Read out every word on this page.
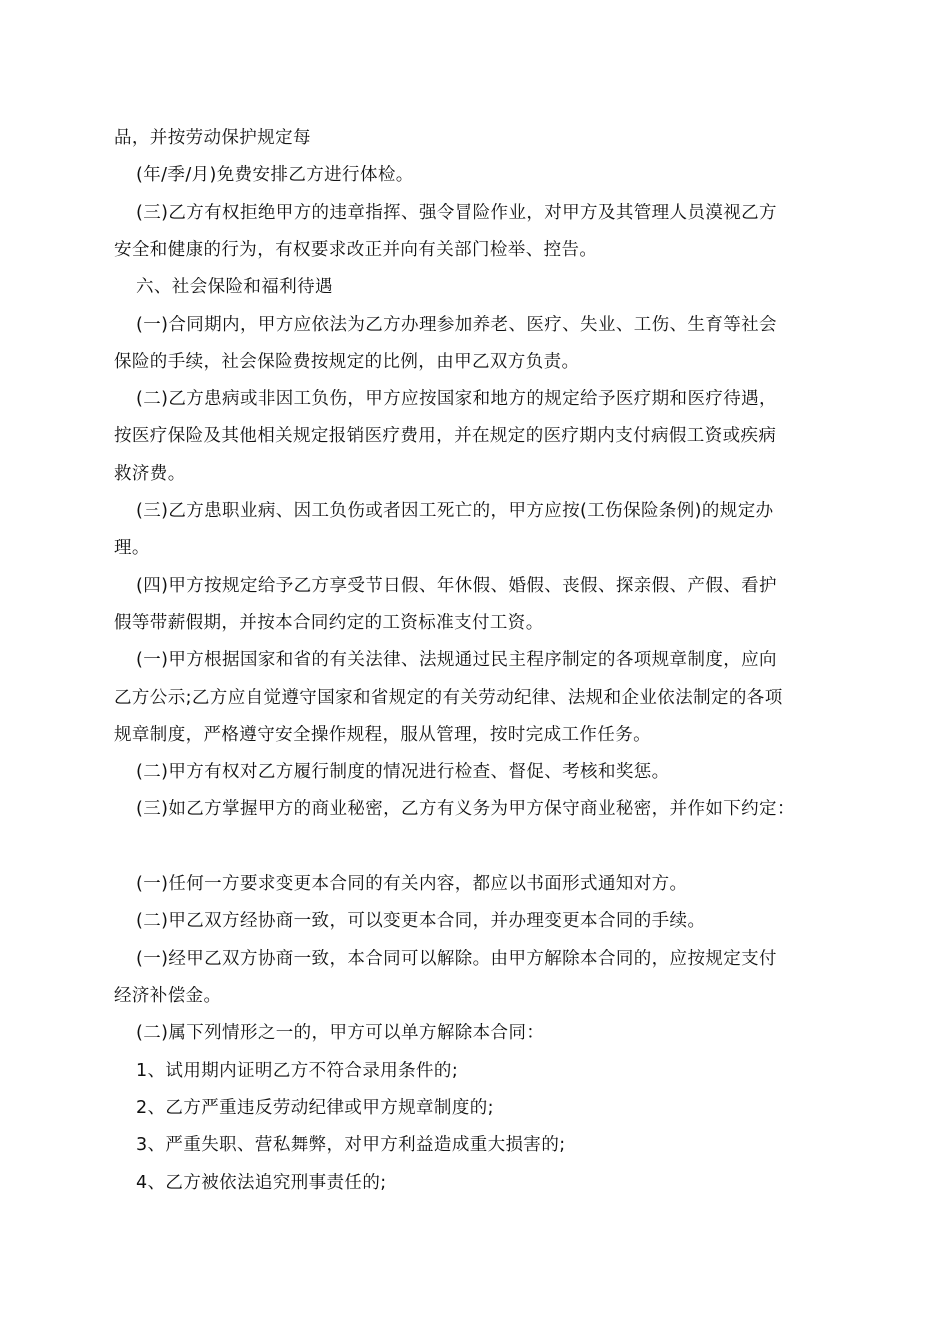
品，并按劳动保护规定每
(年/季/月)免费安排乙方进行体检。
(三)乙方有权拒绝甲方的违章指挥、强令冒险作业，对甲方及其管理人员漠视乙方
安全和健康的行为，有权要求改正并向有关部门检举、控告。
六、社会保险和福利待遇
(一)合同期内，甲方应依法为乙方办理参加养老、医疗、失业、工伤、生育等社会
保险的手续，社会保险费按规定的比例，由甲乙双方负责。
(二)乙方患病或非因工负伤，甲方应按国家和地方的规定给予医疗期和医疗待遇，
按医疗保险及其他相关规定报销医疗费用，并在规定的医疗期内支付病假工资或疾病
救济费。
(三)乙方患职业病、因工负伤或者因工死亡的，甲方应按(工伤保险条例)的规定办
理。
(四)甲方按规定给予乙方享受节日假、年休假、婚假、丧假、探亲假、产假、看护
假等带薪假期，并按本合同约定的工资标准支付工资。
(一)甲方根据国家和省的有关法律、法规通过民主程序制定的各项规章制度，应向
乙方公示;乙方应自觉遵守国家和省规定的有关劳动纪律、法规和企业依法制定的各项
规章制度，严格遵守安全操作规程，服从管理，按时完成工作任务。
(二)甲方有权对乙方履行制度的情况进行检查、督促、考核和奖惩。
(三)如乙方掌握甲方的商业秘密，乙方有义务为甲方保守商业秘密，并作如下约定：
(一)任何一方要求变更本合同的有关内容，都应以书面形式通知对方。
(二)甲乙双方经协商一致，可以变更本合同，并办理变更本合同的手续。
(一)经甲乙双方协商一致，本合同可以解除。由甲方解除本合同的，应按规定支付
经济补偿金。
(二)属下列情形之一的，甲方可以单方解除本合同：
1、试用期内证明乙方不符合录用条件的;
2、乙方严重违反劳动纪律或甲方规章制度的;
3、严重失职、营私舞弊，对甲方利益造成重大损害的;
4、乙方被依法追究刑事责任的;
